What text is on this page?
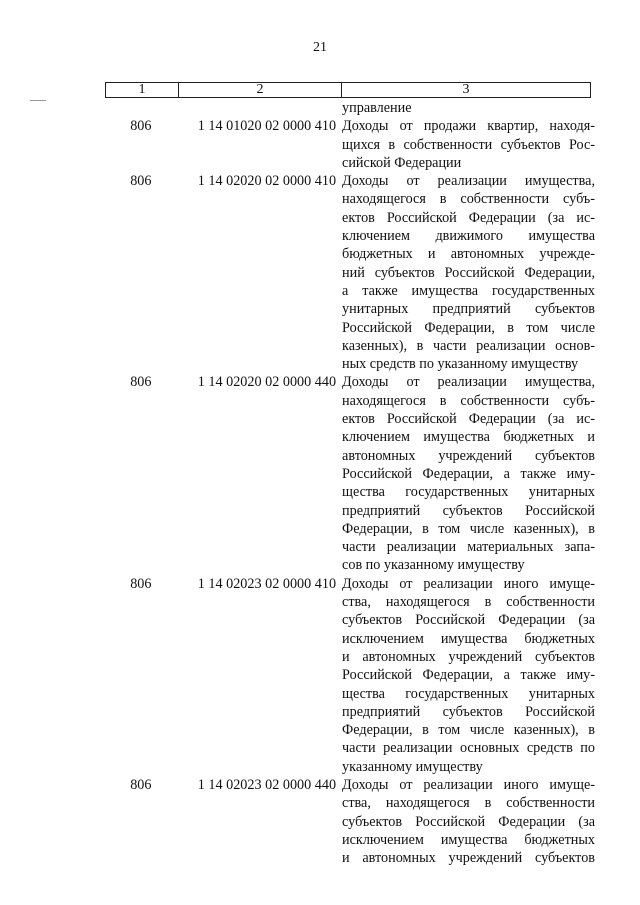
21
1	2	3
управление
806	1 14 01020 02 0000 410 Доходы от продажи квартир, находя-
щихся в собственности субъектов Рос-
сийской Федерации
806	1 14 02020 02 0000 410 Доходы от реализации имущества,
находящегося в собственности субъ-
ектов Российской Федерации (за ис-
ключением движимого имущества
бюджетных и автономных учрежде-
ний субъектов Российской Федерации,
а также имущества государственных
унитарных предприятий субъектов
Российской Федерации, в том числе
казенных), в части реализации основ-
ных средств по указанному имуществу
806	1 14 02020 02 0000 440 Доходы от реализации имущества,
находящегося в собственности субъ-
ектов Российской Федерации (за ис-
ключением имущества бюджетных и
автономных учреждений субъектов
Российской Федерации, а также иму-
щества государственных унитарных
предприятий субъектов Российской
Федерации, в том числе казенных), в
части реализации материальных запа-
сов по указанному имуществу
806	1 14 02023 02 0000 410 Доходы от реализации иного имуще-
ства, находящегося в собственности
субъектов Российской Федерации (за
исключением имущества бюджетных
и автономных учреждений субъектов
Российской Федерации, а также иму-
щества государственных унитарных
предприятий субъектов Российской
Федерации, в том числе казенных), в
части реализации основных средств по
указанному имуществу
806	1 14 02023 02 0000 440 Доходы от реализации иного имуще-
ства, находящегося в собственности
субъектов Российской Федерации (за
исключением имущества бюджетных
и автономных учреждений субъектов
